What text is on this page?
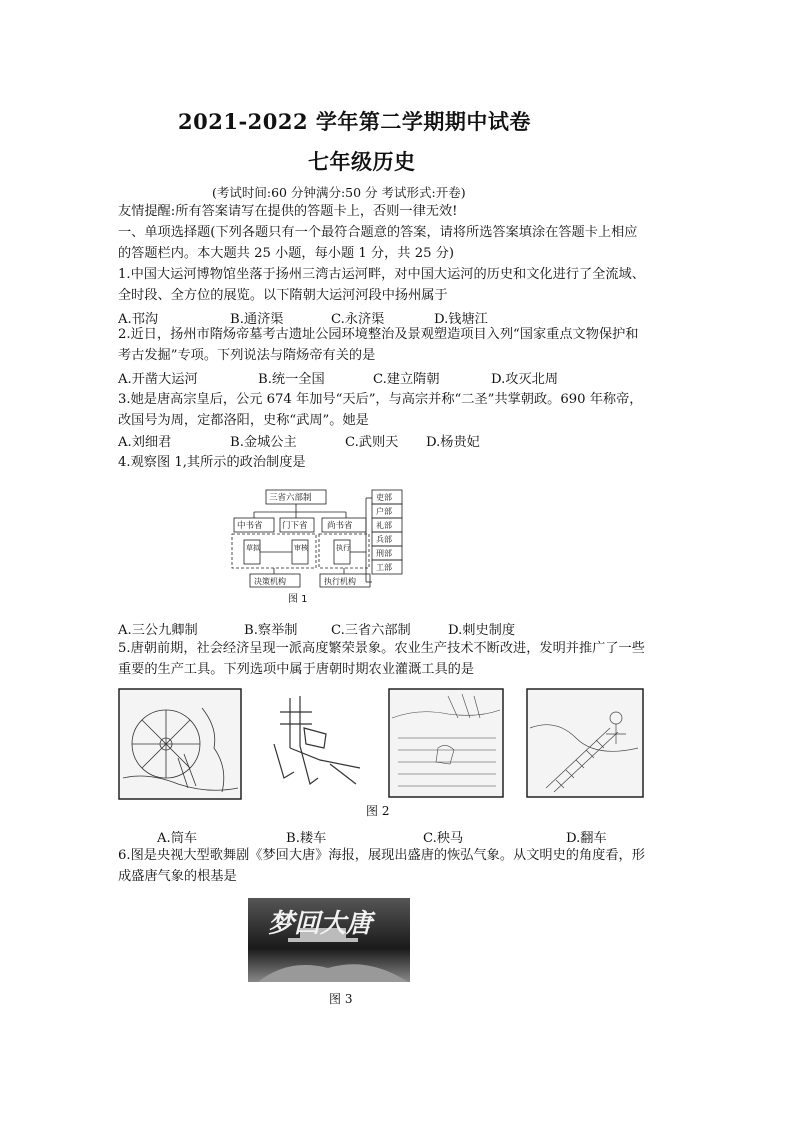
2021-2022 学年第二学期期中试卷
七年级历史
(考试时间:60 分钟满分:50 分 考试形式:开卷)
友情提醒:所有答案请写在提供的答题卡上，否则一律无效!
一、单项选择题(下列各题只有一个最符合题意的答案，请将所选答案填涂在答题卡上相应
的答题栏内。本大题共 25 小题，每小题 1 分，共 25 分)
1.中国大运河博物馆坐落于扬州三湾古运河畔，对中国大运河的历史和文化进行了全流域、
全时段、全方位的展览。以下隋朝大运河河段中扬州属于
A.邗沟	B.通济渠	C.永济渠	D.钱塘江
2.近日，扬州市隋炀帝墓考古遗址公园环境整治及景观塑造项目入列“国家重点文物保护和
考古发掘”专项。下列说法与隋炀帝有关的是
A.开凿大运河	B.统一全国	C.建立隋朝	D.攻灭北周
3.她是唐高宗皇后，公元 674 年加号“天后”，与高宗并称“二圣”共掌朝政。690 年称帝，
改国号为周，定都洛阳，史称“武周”。她是
A.刘细君	B.金城公主	C.武则天 D.杨贵妃
4.观察图 1,其所示的政治制度是
三省六部制
中书省 门下省 尚书省
草拟	审核	执行
决策机构	执行机构
吏部
户部
礼部
兵部
刑部
工部
图 1
A.三公九卿制	B.察举制	C.三省六部制	D.刺史制度
5.唐朝前期，社会经济呈现一派高度繁荣景象。农业生产技术不断改进，发明并推广了一些
重要的生产工具。下列选项中属于唐朝时期农业灌溉工具的是
图 2
A.筒车	B.耧车	C.秧马	D.翻车
6.图是央视大型歌舞剧《梦回大唐》海报，展现出盛唐的恢弘气象。从文明史的角度看，形
成盛唐气象的根基是
梦回大唐
图 3
